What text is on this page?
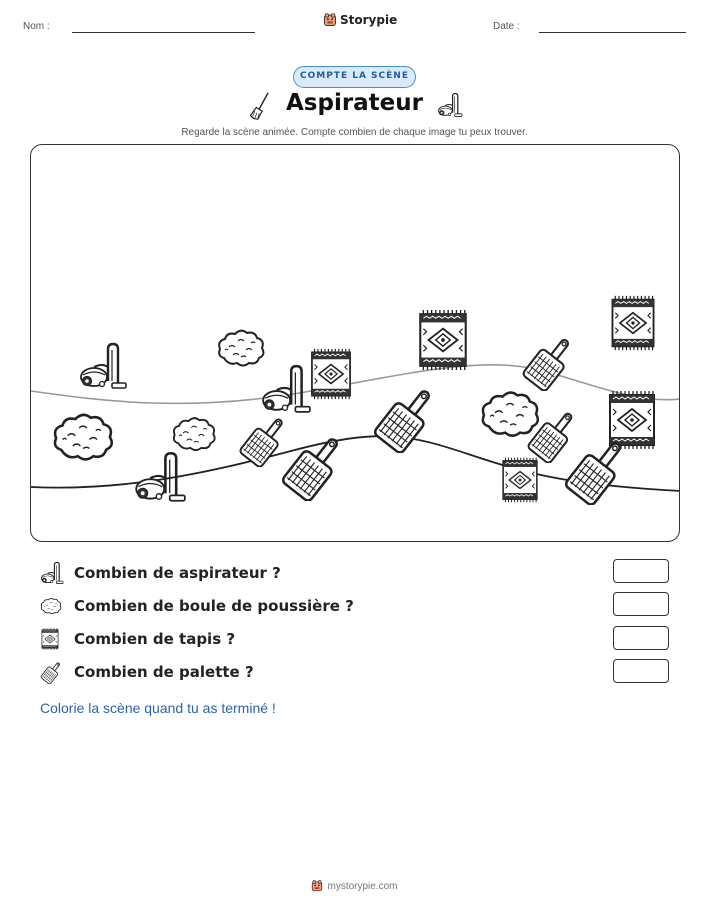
Nom :	Storypie	Date :
COMPTE LA SCÈNE
Aspirateur
Regarde la scène animée. Compte combien de chaque image tu peux trouver.
Combien de aspirateur ?
Combien de boule de poussière ?
Combien de tapis ?
Combien de palette ?
Colorie la scène quand tu as terminé !
mystorypie.com
